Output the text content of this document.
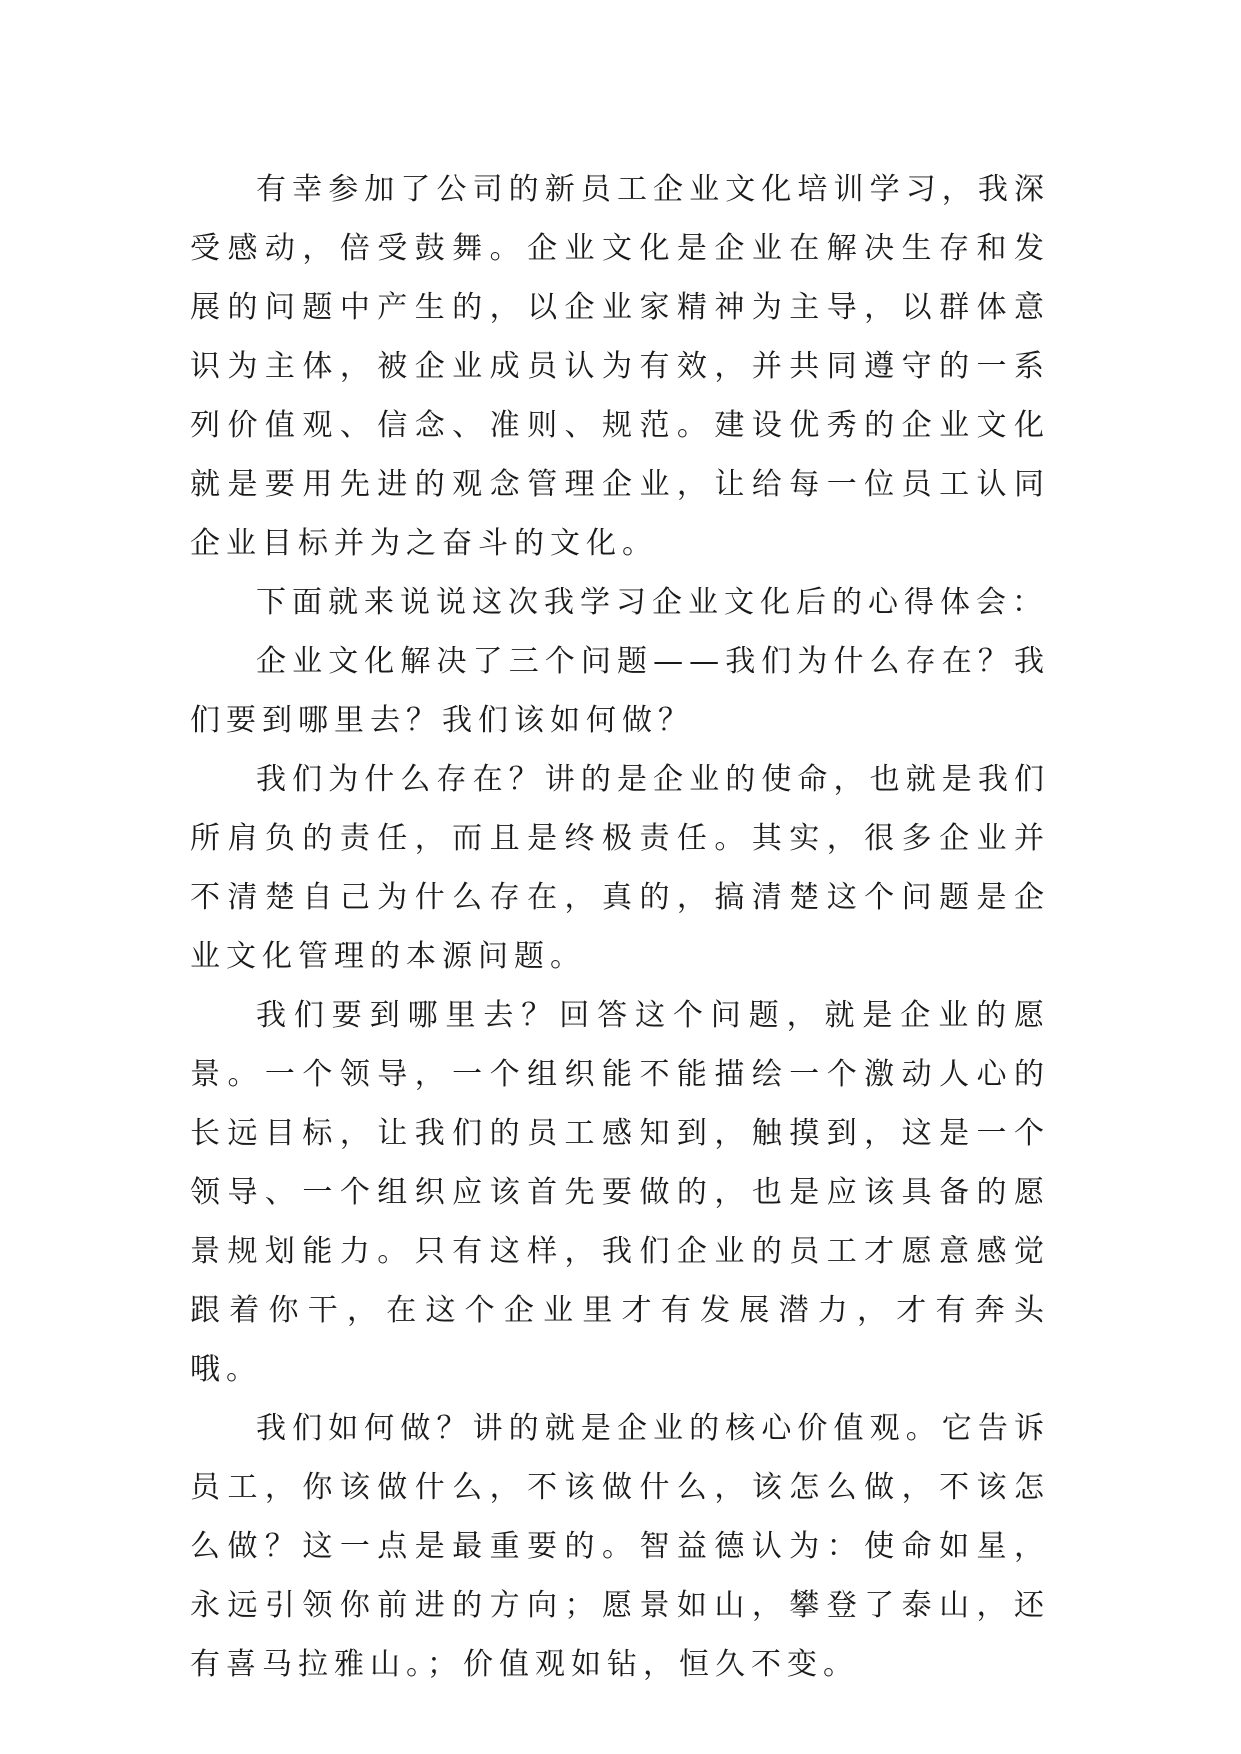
有幸参加了公司的新员工企业文化培训学习，我深受感动，倍受鼓舞。企业文化是企业在解决生存和发展的问题中产生的，以企业家精神为主导，以群体意识为主体，被企业成员认为有效，并共同遵守的一系列价值观、信念、准则、规范。建设优秀的企业文化就是要用先进的观念管理企业，让给每一位员工认同企业目标并为之奋斗的文化。

下面就来说说这次我学习企业文化后的心得体会：

企业文化解决了三个问题——我们为什么存在？我们要到哪里去？我们该如何做？

我们为什么存在？讲的是企业的使命，也就是我们所肩负的责任，而且是终极责任。其实，很多企业并不清楚自己为什么存在，真的，搞清楚这个问题是企业文化管理的本源问题。

我们要到哪里去？回答这个问题，就是企业的愿景。一个领导，一个组织能不能描绘一个激动人心的长远目标，让我们的员工感知到，触摸到，这是一个领导、一个组织应该首先要做的，也是应该具备的愿景规划能力。只有这样，我们企业的员工才愿意感觉跟着你干，在这个企业里才有发展潜力，才有奔头哦。

我们如何做？讲的就是企业的核心价值观。它告诉员工，你该做什么，不该做什么，该怎么做，不该怎么做？这一点是最重要的。智益德认为：使命如星，永远引领你前进的方向；愿景如山，攀登了泰山，还有喜马拉雅山。；价值观如钻，恒久不变。
